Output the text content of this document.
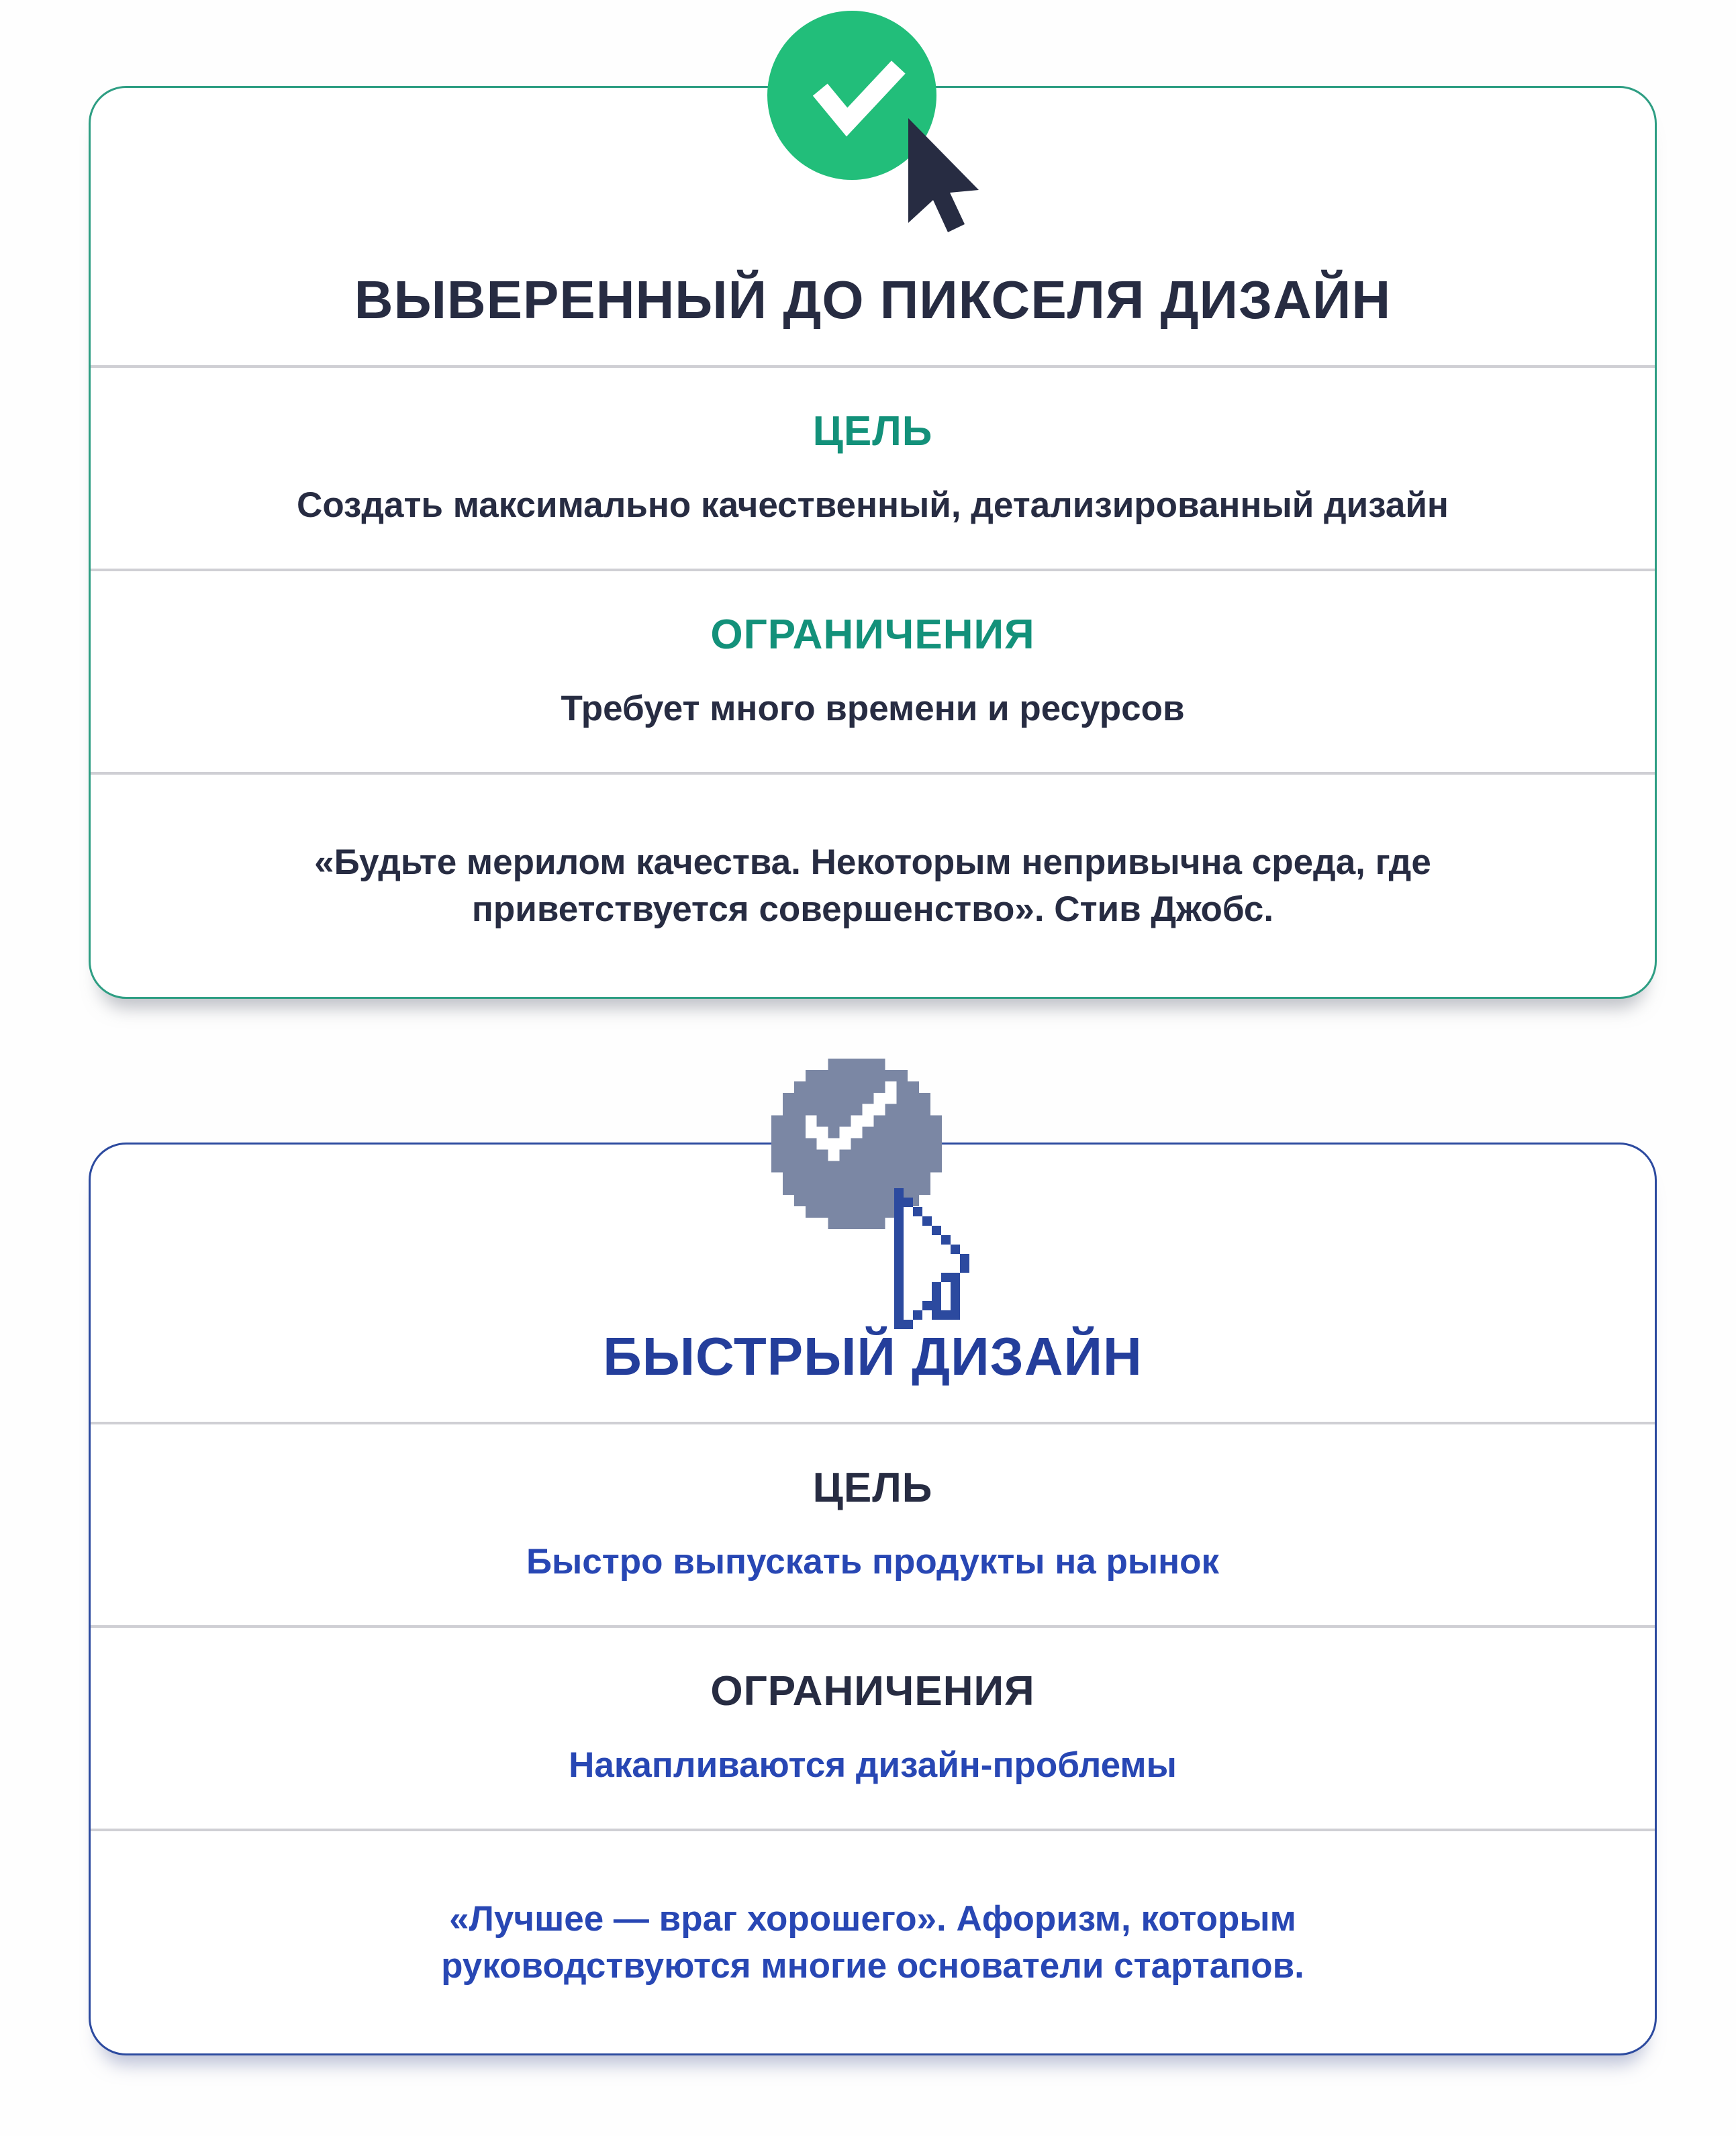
ВЫВЕРЕННЫЙ ДО ПИКСЕЛЯ ДИЗАЙН
ЦЕЛЬ

Создать максимально качественный, детализированный дизайн

ОГРАНИЧЕНИЯ

Требует много времени и ресурсов

«Будьте мерилом качества. Некоторым непривычна среда, где приветствуется совершенство». Стив Джобс.

БЫСТРЫЙ ДИЗАЙН
ЦЕЛЬ

Быстро выпускать продукты на рынок

ОГРАНИЧЕНИЯ

Накапливаются дизайн-проблемы

«Лучшее — враг хорошего». Афоризм, которым руководствуются многие основатели стартапов.
